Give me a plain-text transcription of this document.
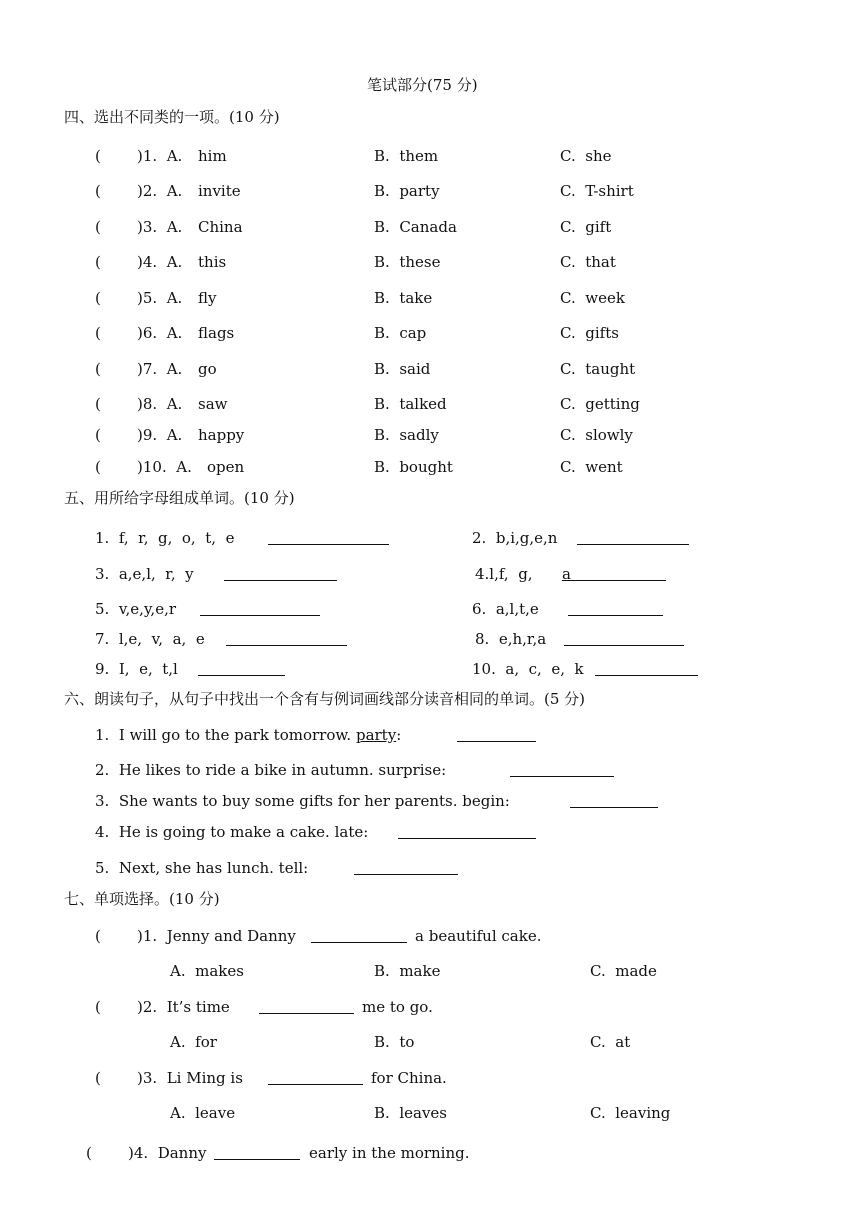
笔试部分(75 分)
四、选出不同类的一项。(10 分)
( )1.  A. him	B.  them	C.  she
( )2.  A. invite	B.  party	C.  T-shirt
( )3.  A. China	B.  Canada	C.  gift
( )4.  A. this	B.  these	C.  that
( )5.  A. fly	B.  take	C.  week
( )6.  A. flags	B.  cap	C.  gifts
( )7.  A. go	B.  said	C.  taught
( )8.  A. saw	B.  talked	C.  getting
( )9.  A. happy	B.  sadly	C.  slowly
( )10.  A. open	B.  bought	C.  went
五、用所给字母组成单词。(10 分)
1.  f,  r,  g,  o,  t,  e	2.  b,i,g,e,n
3.  a,e,l,  r,  y	4.l,f,  g, a
5.  v,e,y,e,r	6.  a,l,t,e
7.  l,e,  v,  a,  e	8.  e,h,r,a
9.  I,  e,  t,l	10.  a,  c,  e,  k
六、朗读句子，从句子中找出一个含有与例词画线部分读音相同的单词。(5 分)
1.  I will go to the park tomorrow. party:
2.  He likes to ride a bike in autumn. surprise:
3.  She wants to buy some gifts for her parents. begin:
4.  He is going to make a cake. late:
5.  Next, she has lunch. tell:
七、单项选择。(10 分)
( )1.  Jenny and Danny	a beautiful cake.
A.  makes	B.  make	C.  made
( )2.  It’s time	me to go.
A.  for	B.  to	C.  at
( )3.  Li Ming is	for China.
A.  leave	B.  leaves	C.  leaving
( )4.  Danny	early in the morning.
